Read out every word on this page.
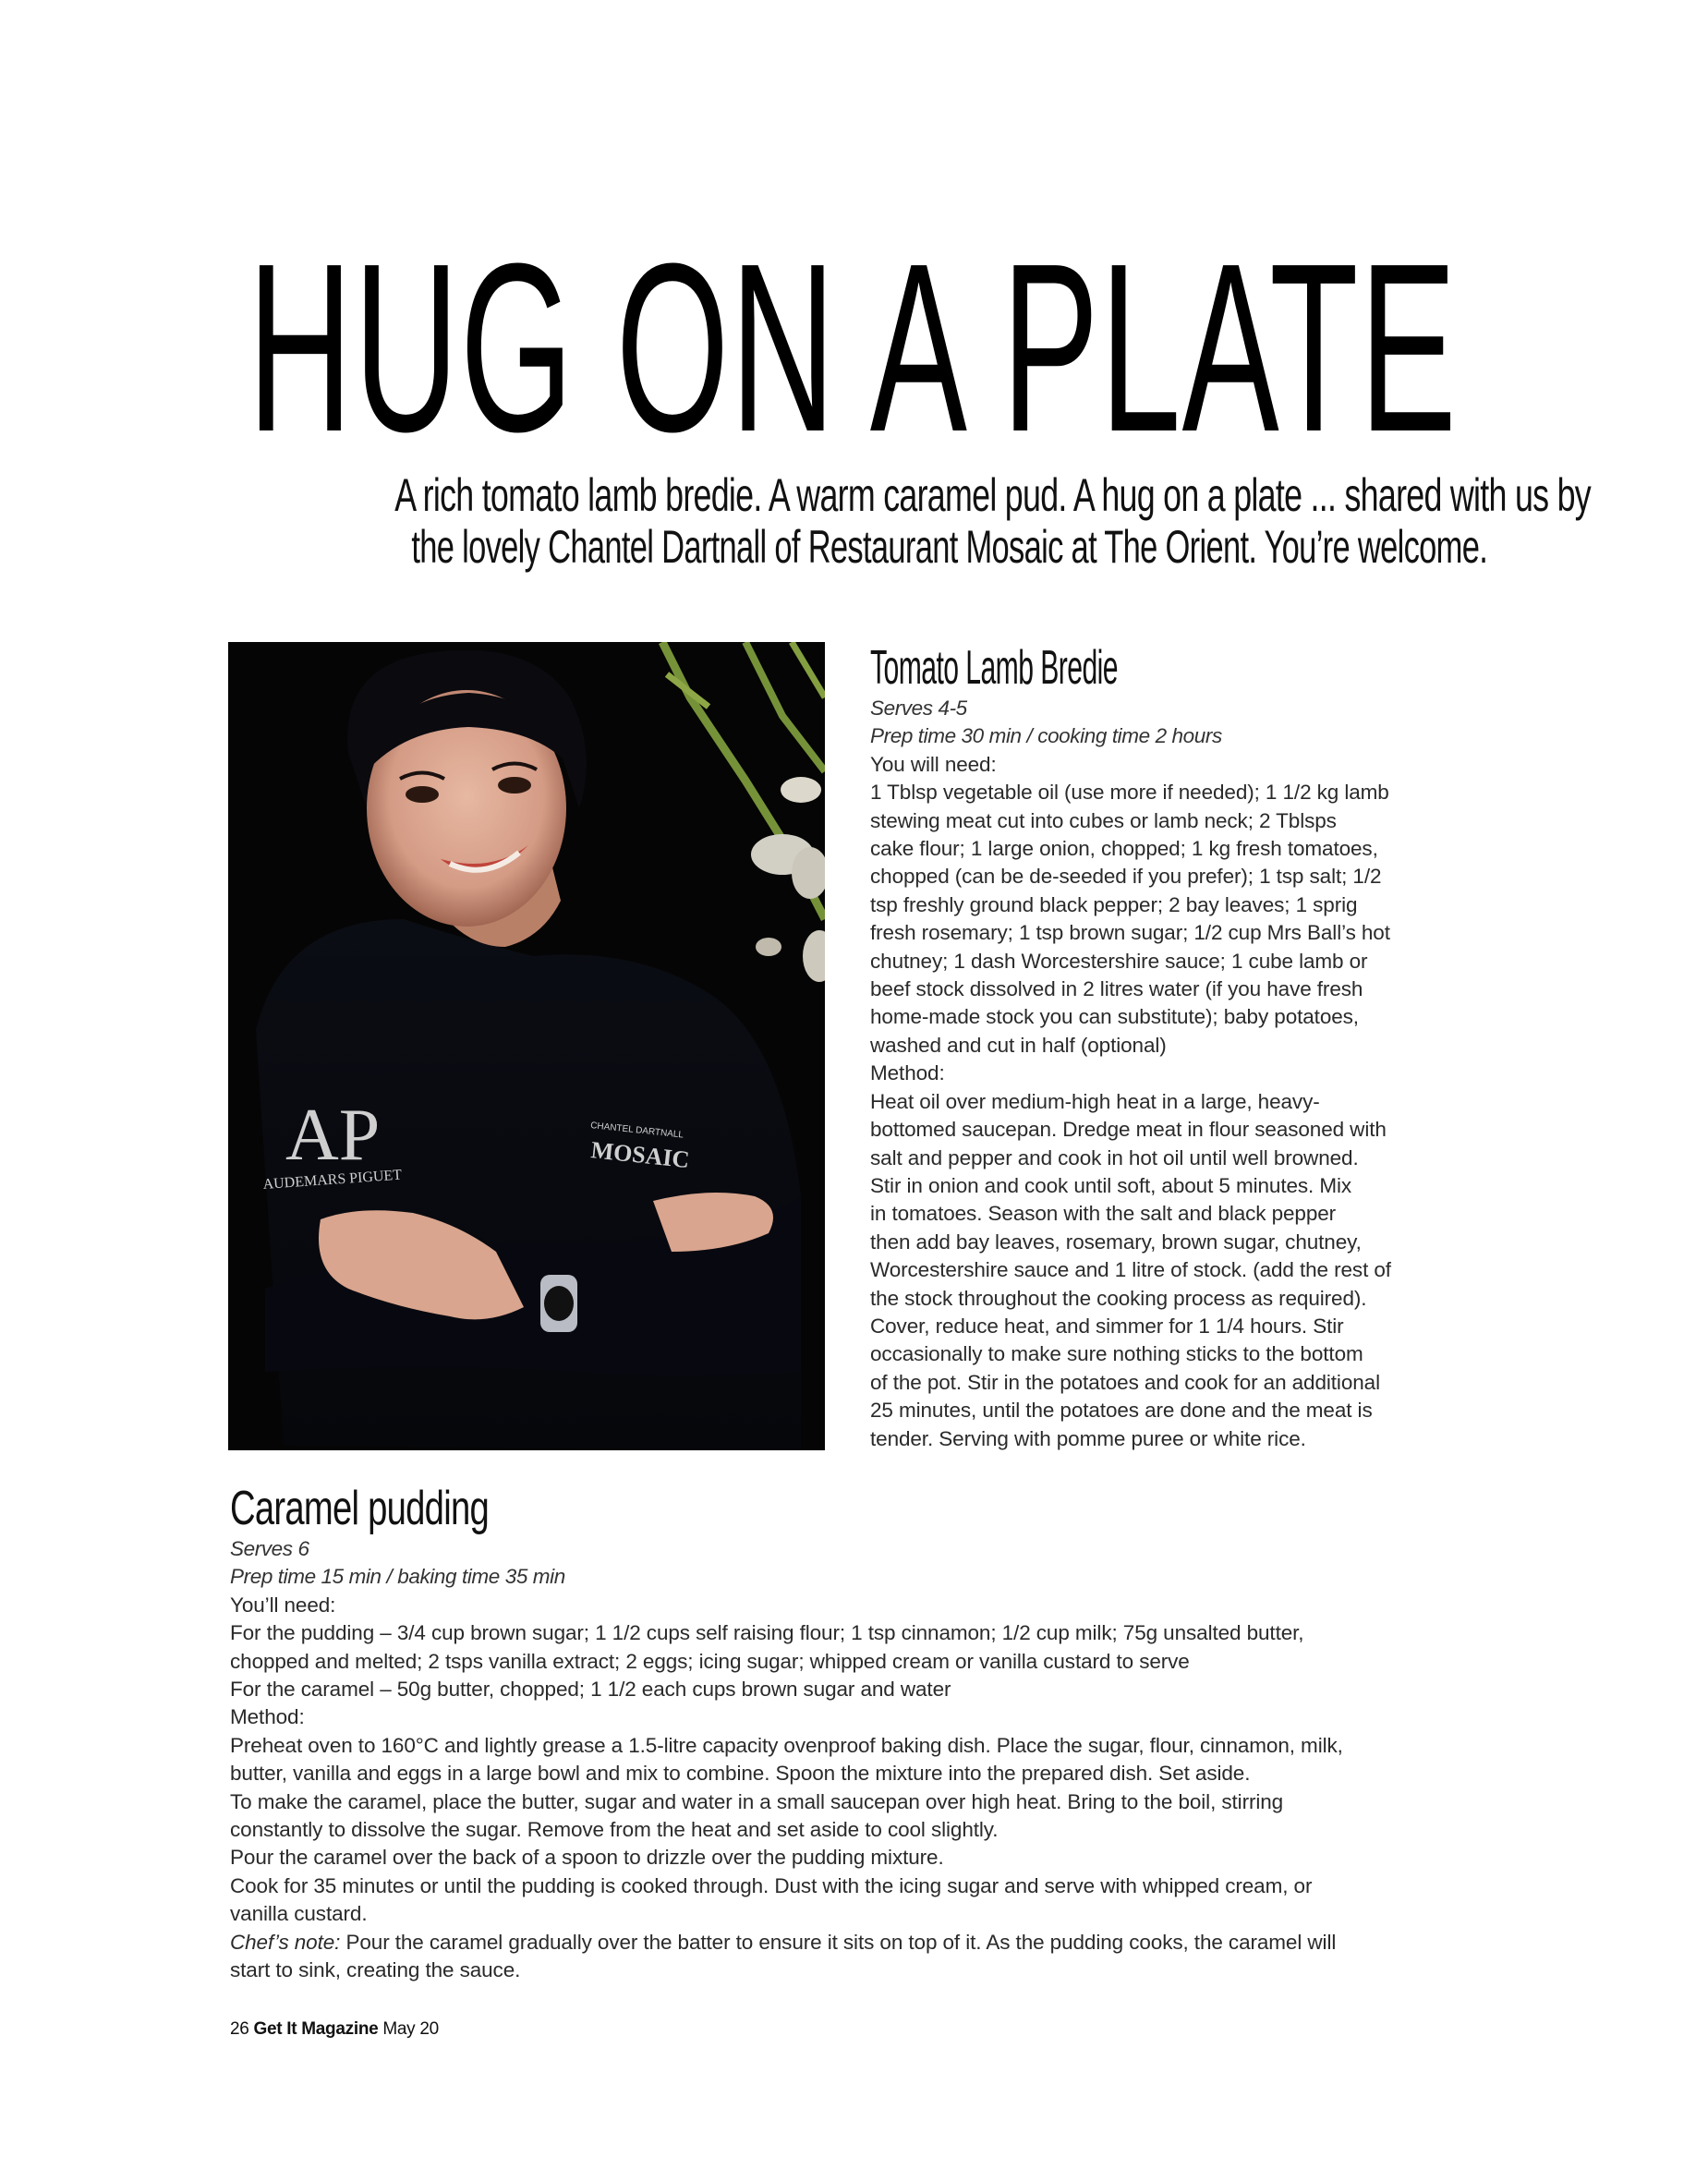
HUG ON A PLATE
A rich tomato lamb bredie. A warm caramel pud. A hug on a plate ... shared with us by
the lovely Chantel Dartnall of Restaurant Mosaic at The Orient. You’re welcome.
AP
AUDEMARS PIGUET
CHANTEL DARTNALL
MOSAIC
Tomato Lamb Bredie
Serves 4-5
Prep time 30 min / cooking time 2 hours
You will need:
1 Tblsp vegetable oil (use more if needed); 1 1/2 kg lamb
stewing meat cut into cubes or lamb neck; 2 Tblsps
cake flour; 1 large onion, chopped; 1 kg fresh tomatoes,
chopped (can be de-seeded if you prefer); 1 tsp salt; 1/2
tsp freshly ground black pepper; 2 bay leaves; 1 sprig
fresh rosemary; 1 tsp brown sugar; 1/2 cup Mrs Ball’s hot
chutney; 1 dash Worcestershire sauce; 1 cube lamb or
beef stock dissolved in 2 litres water (if you have fresh
home-made stock you can substitute); baby potatoes,
washed and cut in half (optional)
Method:
Heat oil over medium-high heat in a large, heavy-
bottomed saucepan. Dredge meat in flour seasoned with
salt and pepper and cook in hot oil until well browned.
Stir in onion and cook until soft, about 5 minutes. Mix
in tomatoes. Season with the salt and black pepper
then add bay leaves, rosemary, brown sugar, chutney,
Worcestershire sauce and 1 litre of stock. (add the rest of
the stock throughout the cooking process as required).
Cover, reduce heat, and simmer for 1 1/4 hours. Stir
occasionally to make sure nothing sticks to the bottom
of the pot. Stir in the potatoes and cook for an additional
25 minutes, until the potatoes are done and the meat is
tender. Serving with pomme puree or white rice.
Caramel pudding
Serves 6
Prep time 15 min / baking time 35 min
You’ll need:
For the pudding – 3/4 cup brown sugar; 1 1/2 cups self raising flour; 1 tsp cinnamon; 1/2 cup milk; 75g unsalted butter,
chopped and melted; 2 tsps vanilla extract; 2 eggs; icing sugar; whipped cream or vanilla custard to serve
For the caramel – 50g butter, chopped; 1 1/2 each cups brown sugar and water
Method:
Preheat oven to 160°C and lightly grease a 1.5-litre capacity ovenproof baking dish. Place the sugar, flour, cinnamon, milk,
butter, vanilla and eggs in a large bowl and mix to combine. Spoon the mixture into the prepared dish. Set aside.
To make the caramel, place the butter, sugar and water in a small saucepan over high heat. Bring to the boil, stirring
constantly to dissolve the sugar. Remove from the heat and set aside to cool slightly.
Pour the caramel over the back of a spoon to drizzle over the pudding mixture.
Cook for 35 minutes or until the pudding is cooked through. Dust with the icing sugar and serve with whipped cream, or
vanilla custard.
Chef’s note: Pour the caramel gradually over the batter to ensure it sits on top of it. As the pudding cooks, the caramel will
start to sink, creating the sauce.
26 Get It Magazine May 20
